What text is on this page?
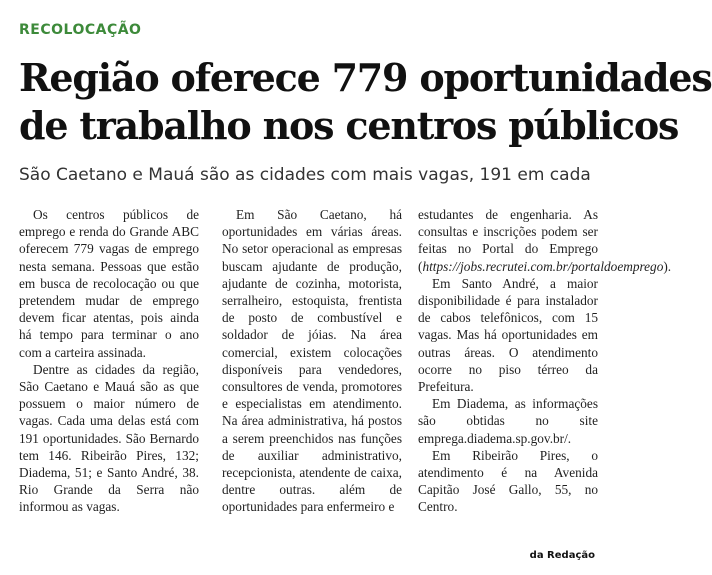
RECOLOCAÇÃO
Região oferece 779 oportunidades
de trabalho nos centros públicos
São Caetano e Mauá são as cidades com mais vagas, 191 em cada

Os centros públicos de emprego e renda do Grande ABC oferecem 779 vagas de emprego nesta semana. Pessoas que estão em busca de recolocação ou que pretendem mudar de emprego devem ficar atentas, pois ainda há tempo para terminar o ano com a carteira assinada.

Dentre as cidades da região, São Caetano e Mauá são as que possuem o maior número de vagas. Cada uma delas está com 191 oportunidades. São Bernardo tem 146. Ribeirão Pires, 132; Diadema, 51; e Santo André, 38. Rio Grande da Serra não informou as vagas.

Em São Caetano, há oportunidades em várias áreas. No setor operacional as empresas buscam ajudante de produção, ajudante de cozinha, motorista, serralheiro, estoquista, frentista de posto de combustível e soldador de jóias. Na área comercial, existem colocações disponíveis para vendedores, consultores de venda, promotores e especialistas em atendimento. Na área administrativa, há postos a serem preenchidos nas funções de auxiliar administrativo, recepcionista, atendente de caixa, dentre outras. além de oportunidades para enfermeiro e

estudantes de engenharia. As consultas e inscrições podem ser feitas no Portal do Emprego (https://jobs.recrutei.com.br/portaldoemprego).

Em Santo André, a maior disponibilidade é para instalador de cabos telefônicos, com 15 vagas. Mas há oportunidades em outras áreas. O atendimento ocorre no piso térreo da Prefeitura.

Em Diadema, as informações são obtidas no site emprega.diadema.sp.gov.br/.

Em Ribeirão Pires, o atendimento é na Avenida Capitão José Gallo, 55, no Centro.

da Redação
